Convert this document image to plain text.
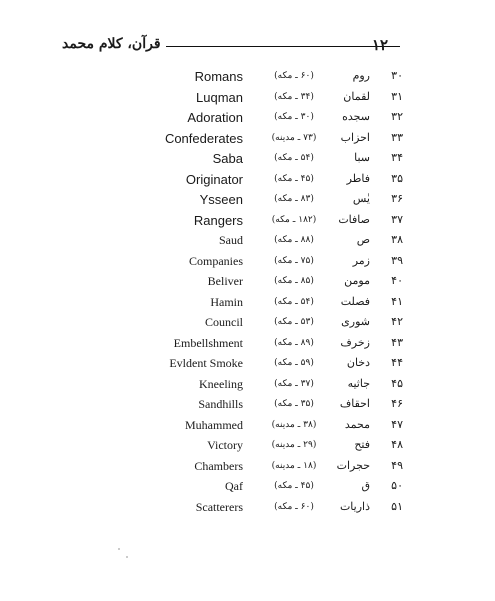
قرآن، کلام محمد	۱۲
Romans	(۶۰ ـ مکه)	روم ۳۰
Luqman	(۳۴ ـ مکه)	لقمان ۳۱
Adoration	(۳۰ ـ مکه)	سجده ۳۲
Confederates	(۷۳ ـ مدینه)	احزاب ۳۳
Saba	(۵۴ ـ مکه)	سبا ۳۴
Originator	(۴۵ ـ مکه)	فاطر ۳۵
Ysseen	(۸۳ ـ مکه)	یٰس ۳۶
Rangers	(۱۸۲ ـ مکه)	صافات ۳۷
Saud	(۸۸ ـ مکه)	ص ۳۸
Companies	(۷۵ ـ مکه)	زمر ۳۹
Beliver	(۸۵ ـ مکه)	مومن ۴۰
Hamin	(۵۴ ـ مکه)	فصلت ۴۱
Council	(۵۳ ـ مکه)	شوری ۴۲
Embellshment	(۸۹ ـ مکه)	زخرف ۴۳
Evldent Smoke	(۵۹ ـ مکه)	دخان ۴۴
Kneeling	(۳۷ ـ مکه)	جاثیه ۴۵
Sandhills	(۳۵ ـ مکه)	احقاف ۴۶
Muhammed	(۳۸ ـ مدینه)	محمد ۴۷
Victory	(۲۹ ـ مدینه)	فتح ۴۸
Chambers	(۱۸ ـ مدینه)	حجرات ۴۹
Qaf	(۴۵ ـ مکه)	ق ۵۰
Scatterers	(۶۰ ـ مکه)	ذاریات ۵۱
